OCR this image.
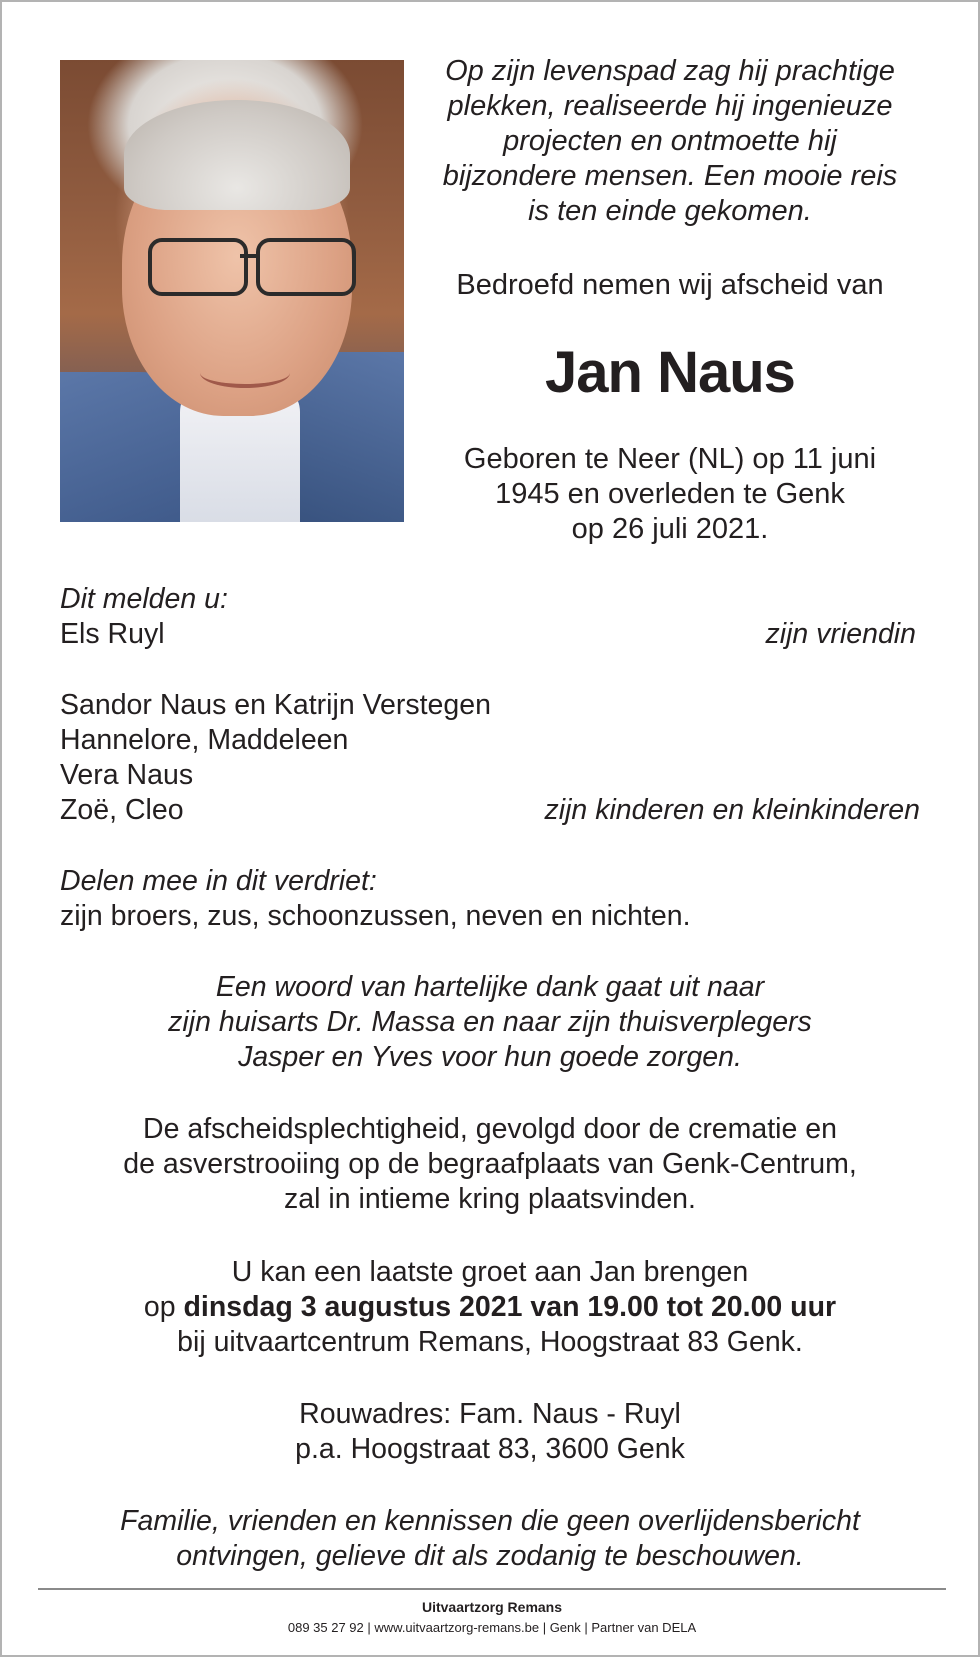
Op zijn levenspad zag hij prachtige
plekken, realiseerde hij ingenieuze
projecten en ontmoette hij
bijzondere mensen. Een mooie reis
is ten einde gekomen.
Bedroefd nemen wij afscheid van
Jan Naus
Geboren te Neer (NL) op 11 juni
1945 en overleden te Genk
op 26 juli 2021.
Dit melden u:
Els Ruyl	zijn vriendin
Sandor Naus en Katrijn Verstegen
Hannelore, Maddeleen
Vera Naus
Zoë, Cleo	zijn kinderen en kleinkinderen
Delen mee in dit verdriet:
zijn broers, zus, schoonzussen, neven en nichten.
Een woord van hartelijke dank gaat uit naar
zijn huisarts Dr. Massa en naar zijn thuisverplegers
Jasper en Yves voor hun goede zorgen.
De afscheidsplechtigheid, gevolgd door de crematie en
de asverstrooiing op de begraafplaats van Genk-Centrum,
zal in intieme kring plaatsvinden.
U kan een laatste groet aan Jan brengen
op dinsdag 3 augustus 2021 van 19.00 tot 20.00 uur
bij uitvaartcentrum Remans, Hoogstraat 83 Genk.
Rouwadres: Fam. Naus - Ruyl
p.a. Hoogstraat 83, 3600 Genk
Familie, vrienden en kennissen die geen overlijdensbericht
ontvingen, gelieve dit als zodanig te beschouwen.
Uitvaartzorg Remans
089 35 27 92 | www.uitvaartzorg-remans.be | Genk | Partner van DELA
